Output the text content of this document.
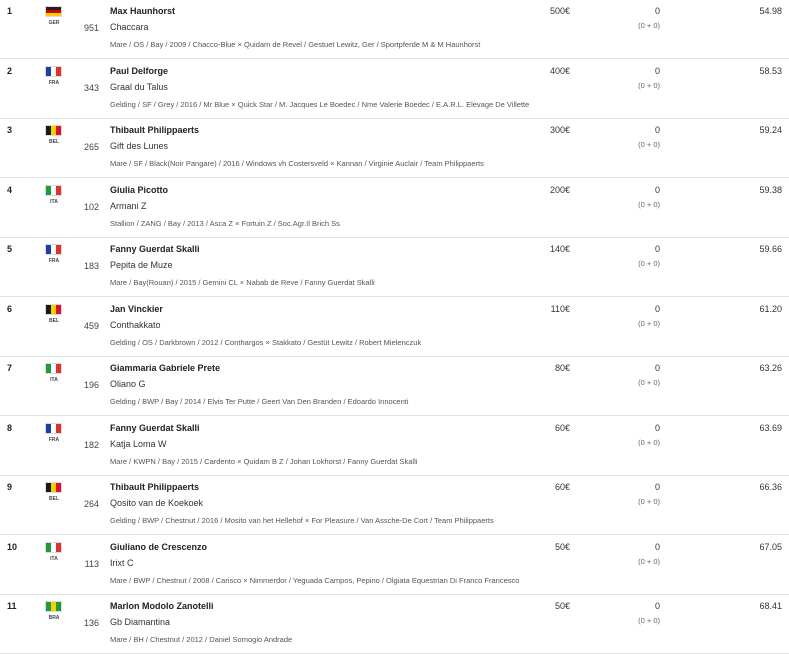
1
GER	951
Max Haunhorst
Chaccara
Mare / OS / Bay / 2009 / Chacco-Blue × Quidam de Revel / Gestuet Lewitz, Ger / Sportpferde M & M Haunhorst
500€	0
(0 + 0)
54.98
2
FRA	343
Paul Delforge
Graal du Talus
Gelding / SF / Grey / 2016 / Mr Blue × Quick Star / M. Jacques Le Boedec / Nme Valerie Boedec / E.A.R.L. Elevage De Villette
400€	0
(0 + 0)
58.53
3
BEL	265
Thibault Philippaerts
Gift des Lunes
Mare / SF / Black(Noir Pangare) / 2016 / Windows vh Costersveld × Kannan / Virginie Auclair / Team Philippaerts
300€	0
(0 + 0)
59.24
4
ITA	102
Giulia Picotto
Armani Z
Stallion / ZANG / Bay / 2013 / Asca Z × Fortuin Z / Soc.Agr.Il Brich Ss
200€	0
(0 + 0)
59.38
5
FRA	183
Fanny Guerdat Skalli
Pepita de Muze
Mare / Bay(Rouan) / 2015 / Gemini CL × Nabab de Reve / Fanny Guerdat Skalli
140€	0
(0 + 0)
59.66
6
BEL	459
Jan Vinckier
Conthakkato
Gelding / OS / Darkbrown / 2012 / Conthargos × Stakkato / Gestüt Lewitz / Robert Mielenczuk
110€	0
(0 + 0)
61.20
7
ITA	196
Giammaria Gabriele Prete
Oliano G
Gelding / BWP / Bay / 2014 / Elvis Ter Putte / Geert Van Den Branden / Edoardo Innocenti
80€	0
(0 + 0)
63.26
8
FRA	182
Fanny Guerdat Skalli
Katja Loma W
Mare / KWPN / Bay / 2015 / Cardento × Quidam B Z / Johan Lokhorst / Fanny Guerdat Skalli
60€	0
(0 + 0)
63.69
9
BEL	264
Thibault Philippaerts
Qosito van de Koekoek
Gelding / BWP / Chestnut / 2016 / Mosito van het Hellehof × For Pleasure / Van Assche-De Cort / Team Philippaerts
60€	0
(0 + 0)
66.36
10
ITA	113
Giuliano de Crescenzo
Irixt C
Mare / BWP / Chestnut / 2008 / Carisco × Nimmerdor / Yeguada Campos, Pepino / Olgiata Equestrian Di Franco Francesco
50€	0
(0 + 0)
67.05
11
BRA	136
Marlon Modolo Zanotelli
Gb Diamantina
Mare / BH / Chestnut / 2012 / Daniel Somogio Andrade
50€	0
(0 + 0)
68.41
